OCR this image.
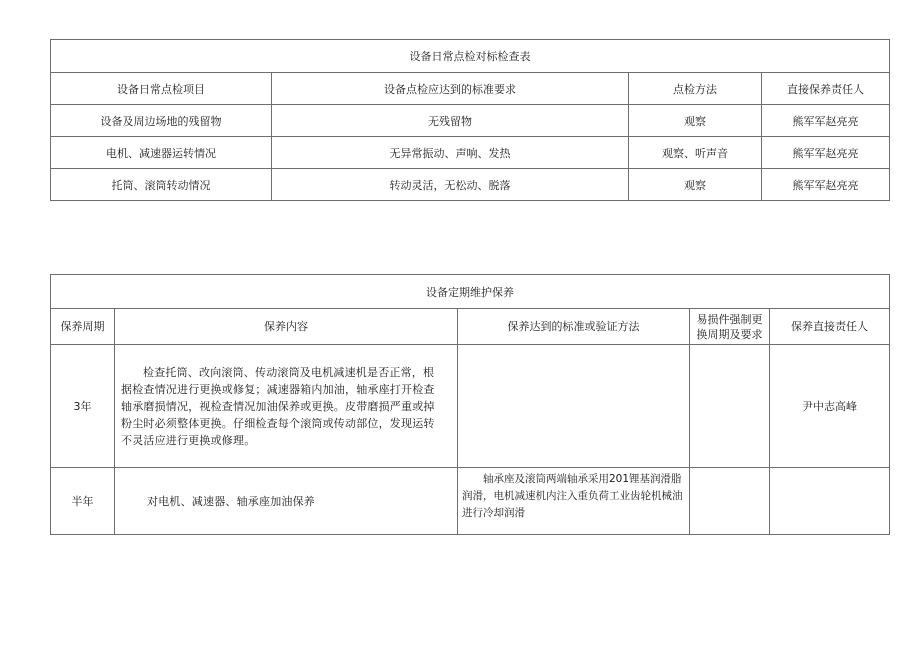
设备日常点检对标检查表			
设备日常点检项目	设备点检应达到的标准要求	点检方法	直接保养责任人
设备及周边场地的残留物	无残留物	观察	熊军军赵亮亮
电机、减速器运转情况	无异常振动、声响、发热	观察、听声音	熊军军赵亮亮
托筒、滚筒转动情况	转动灵活，无松动、脱落	观察	熊军军赵亮亮
设备定期维护保养				
保养周期	保养内容	保养达到的标准或验证方法	易损件强制更换周期及要求	保养直接责任人
3年	检查托筒、改向滚筒、传动滚筒及电机减速机是否正常，根据检查情况进行更换或修复；减速器箱内加油，轴承座打开检查轴承磨损情况，视检查情况加油保养或更换。皮带磨损严重或掉粉尘时必须整体更换。仔细检查每个滚筒或传动部位，发现运转不灵活应进行更换或修理。			尹中志高峰
半年	对电机、减速器、轴承座加油保养	轴承座及滚筒两端轴承采用201锂基润滑脂润滑，电机减速机内注入重负荷工业齿轮机械油进行冷却润滑		
